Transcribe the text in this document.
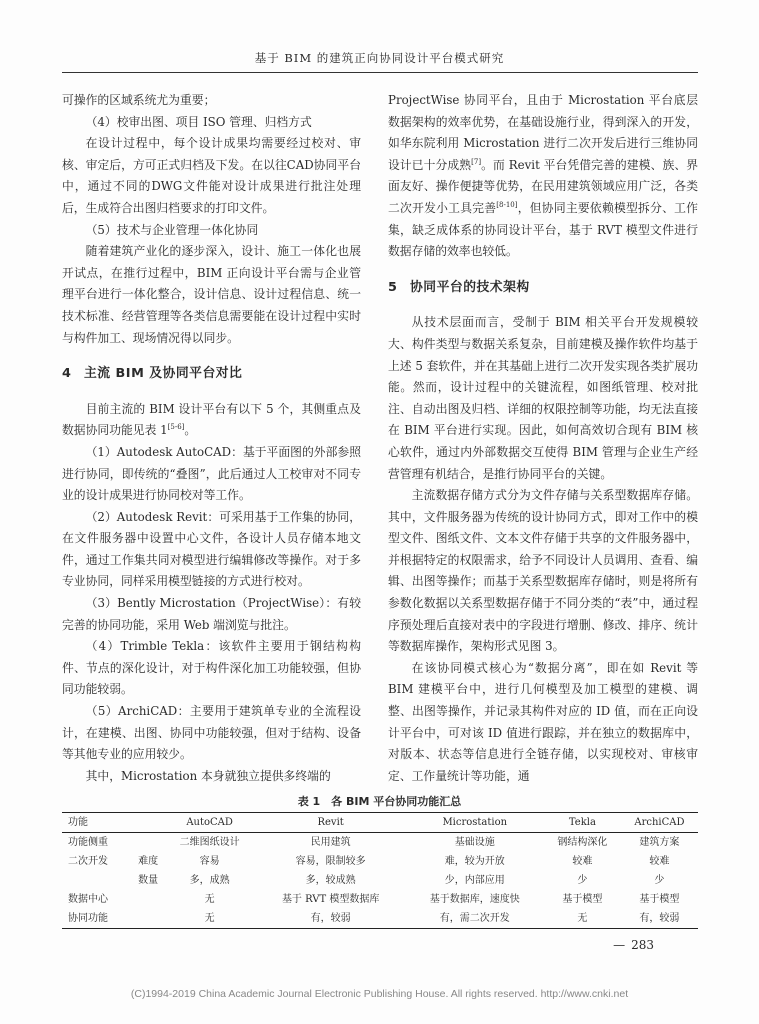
基于 BIM 的建筑正向协同设计平台模式研究

可操作的区域系统尤为重要；

（4）校审出图、项目 ISO 管理、归档方式

在设计过程中，每个设计成果均需要经过校对、审核、审定后，方可正式归档及下发。在以往CAD协同平台中，通过不同的DWG文件能对设计成果进行批注处理后，生成符合出图归档要求的打印文件。

（5）技术与企业管理一体化协同

随着建筑产业化的逐步深入，设计、施工一体化也展开试点，在推行过程中，BIM 正向设计平台需与企业管理平台进行一体化整合，设计信息、设计过程信息、统一技术标准、经营管理等各类信息需要能在设计过程中实时与构件加工、现场情况得以同步。

4 主流 BIM 及协同平台对比

目前主流的 BIM 设计平台有以下 5 个，其侧重点及数据协同功能见表 1[5-6]。

（1）Autodesk AutoCAD：基于平面图的外部参照进行协同，即传统的“叠图”，此后通过人工校审对不同专业的设计成果进行协同校对等工作。

（2）Autodesk Revit：可采用基于工作集的协同，在文件服务器中设置中心文件，各设计人员存储本地文件，通过工作集共同对模型进行编辑修改等操作。对于多专业协同，同样采用模型链接的方式进行校对。

（3）Bently Microstation（ProjectWise）：有较完善的协同功能，采用 Web 端浏览与批注。

（4）Trimble Tekla：该软件主要用于钢结构构件、节点的深化设计，对于构件深化加工功能较强，但协同功能较弱。

（5）ArchiCAD：主要用于建筑单专业的全流程设计，在建模、出图、协同中功能较强，但对于结构、设备等其他专业的应用较少。

其中，Microstation 本身就独立提供多终端的

ProjectWise 协同平台，且由于 Microstation 平台底层数据架构的效率优势，在基础设施行业，得到深入的开发，如华东院利用 Microstation 进行二次开发后进行三维协同设计已十分成熟[7]。而 Revit 平台凭借完善的建模、族、界面友好、操作便捷等优势，在民用建筑领域应用广泛，各类二次开发小工具完善[8-10]，但协同主要依赖模型拆分、工作集，缺乏成体系的协同设计平台，基于 RVT 模型文件进行数据存储的效率也较低。

5 协同平台的技术架构

从技术层面而言，受制于 BIM 相关平台开发规模较大、构件类型与数据关系复杂，目前建模及操作软件均基于上述 5 套软件，并在其基础上进行二次开发实现各类扩展功能。然而，设计过程中的关键流程，如图纸管理、校对批注、自动出图及归档、详细的权限控制等功能，均无法直接在 BIM 平台进行实现。因此，如何高效切合现有 BIM 核心软件，通过内外部数据交互使得 BIM 管理与企业生产经营管理有机结合，是推行协同平台的关键。

主流数据存储方式分为文件存储与关系型数据库存储。其中，文件服务器为传统的设计协同方式，即对工作中的模型文件、图纸文件、文本文件存储于共享的文件服务器中，并根据特定的权限需求，给予不同设计人员调用、查看、编辑、出图等操作；而基于关系型数据库存储时，则是将所有参数化数据以关系型数据存储于不同分类的“表”中，通过程序预处理后直接对表中的字段进行增删、修改、排序、统计等数据库操作，架构形式见图 3。

在该协同模式核心为“数据分离”，即在如 Revit 等 BIM 建模平台中，进行几何模型及加工模型的建模、调整、出图等操作，并记录其构件对应的 ID 值，而在正向设计平台中，可对该 ID 值进行跟踪，并在独立的数据库中，对版本、状态等信息进行全链存储，以实现校对、审核审定、工作量统计等功能，通

表 1　各 BIM 平台协同功能汇总
功能		AutoCAD	Revit	Microstation	Tekla	ArchiCAD
功能侧重		二维图纸设计	民用建筑	基础设施	钢结构深化	建筑方案
二次开发	难度	容易	容易，限制较多	难，较为开放	较难	较难
	数量	多，成熟	多，较成熟	少，内部应用	少	少
数据中心		无	基于 RVT 模型数据库	基于数据库，速度快	基于模型	基于模型
协同功能		无	有，较弱	有，需二次开发	无	有，较弱
— 283
(C)1994-2019 China Academic Journal Electronic Publishing House. All rights reserved. http://www.cnki.net
